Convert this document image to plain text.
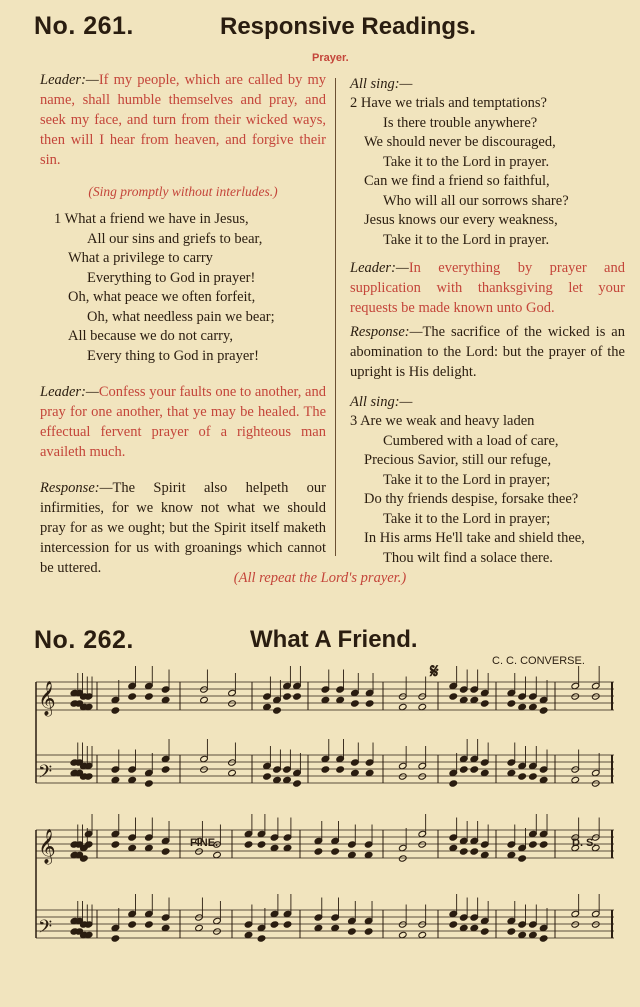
No. 261.	Responsive Readings.
Prayer.

Leader:—If my people, which are called by my name, shall humble themselves and pray, and seek my face, and turn from their wicked ways, then will I hear from heaven, and forgive their sin.

(Sing promptly without interludes.)
1 What a friend we have in Jesus,
All our sins and griefs to bear,
What a privilege to carry
Everything to God in prayer!
Oh, what peace we often forfeit,
Oh, what needless pain we bear;
All because we do not carry,
Every thing to God in prayer!

Leader:—Confess your faults one to another, and pray for one another, that ye may be healed. The effectual fervent prayer of a righteous man availeth much.

Response:—The Spirit also helpeth our infirmities, for we know not what we should pray for as we ought; but the Spirit itself maketh intercession for us with groanings which cannot be uttered.

All sing:—
2 Have we trials and temptations?
Is there trouble anywhere?
We should never be discouraged,
Take it to the Lord in prayer.
Can we find a friend so faithful,
Who will all our sorrows share?
Jesus knows our every weakness,
Take it to the Lord in prayer.

Leader:—In everything by prayer and supplication with thanksgiving let your requests be made known unto God.

Response:—The sacrifice of the wicked is an abomination to the Lord: but the prayer of the upright is His delight.

All sing:—
3 Are we weak and heavy laden
Cumbered with a load of care,
Precious Savior, still our refuge,
Take it to the Lord in prayer;
Do thy friends despise, forsake thee?
Take it to the Lord in prayer;
In His arms He'll take and shield thee,
Thou wilt find a solace there.
(All repeat the Lord's prayer.)
No. 262.	What A Friend.
C. C. CONVERSE.
𝄋
FINE.	D. S.
𝄞
𝄢
𝄞
𝄢
